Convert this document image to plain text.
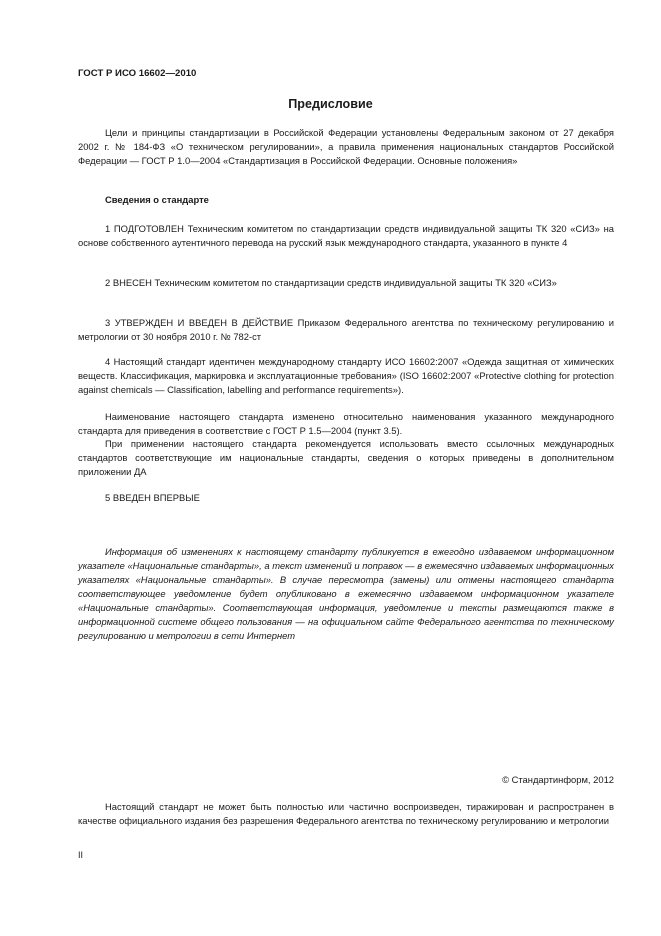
ГОСТ Р ИСО 16602—2010
Предисловие

Цели и принципы стандартизации в Российской Федерации установлены Федеральным законом от 27 декабря 2002 г. № 184-ФЗ «О техническом регулировании», а правила применения национальных стандартов Российской Федерации — ГОСТ Р 1.0—2004 «Стандартизация в Российской Федерации. Основные положения»

Сведения о стандарте

1 ПОДГОТОВЛЕН Техническим комитетом по стандартизации средств индивидуальной защиты ТК 320 «СИЗ» на основе собственного аутентичного перевода на русский язык международного стандарта, указанного в пункте 4

2 ВНЕСЕН Техническим комитетом по стандартизации средств индивидуальной защиты ТК 320 «СИЗ»

3 УТВЕРЖДЕН И ВВЕДЕН В ДЕЙСТВИЕ Приказом Федерального агентства по техническому регулированию и метрологии от 30 ноября 2010 г. № 782-ст

4 Настоящий стандарт идентичен международному стандарту ИСО 16602:2007 «Одежда защитная от химических веществ. Классификация, маркировка и эксплуатационные требования» (ISO 16602:2007 «Protective clothing for protection against chemicals — Classification, labelling and performance requirements»).

Наименование настоящего стандарта изменено относительно наименования указанного международного стандарта для приведения в соответствие с ГОСТ Р 1.5—2004 (пункт 3.5).

При применении настоящего стандарта рекомендуется использовать вместо ссылочных международных стандартов соответствующие им национальные стандарты, сведения о которых приведены в дополнительном приложении ДА

5 ВВЕДЕН ВПЕРВЫЕ

Информация об изменениях к настоящему стандарту публикуется в ежегодно издаваемом информационном указателе «Национальные стандарты», а текст изменений и поправок — в ежемесячно издаваемых информационных указателях «Национальные стандарты». В случае пересмотра (замены) или отмены настоящего стандарта соответствующее уведомление будет опубликовано в ежемесячно издаваемом информационном указателе «Национальные стандарты». Соответствующая информация, уведомление и тексты размещаются также в информационной системе общего пользования — на официальном сайте Федерального агентства по техническому регулированию и метрологии в сети Интернет

© Стандартинформ, 2012

Настоящий стандарт не может быть полностью или частично воспроизведен, тиражирован и распространен в качестве официального издания без разрешения Федерального агентства по техническому регулированию и метрологии

II
